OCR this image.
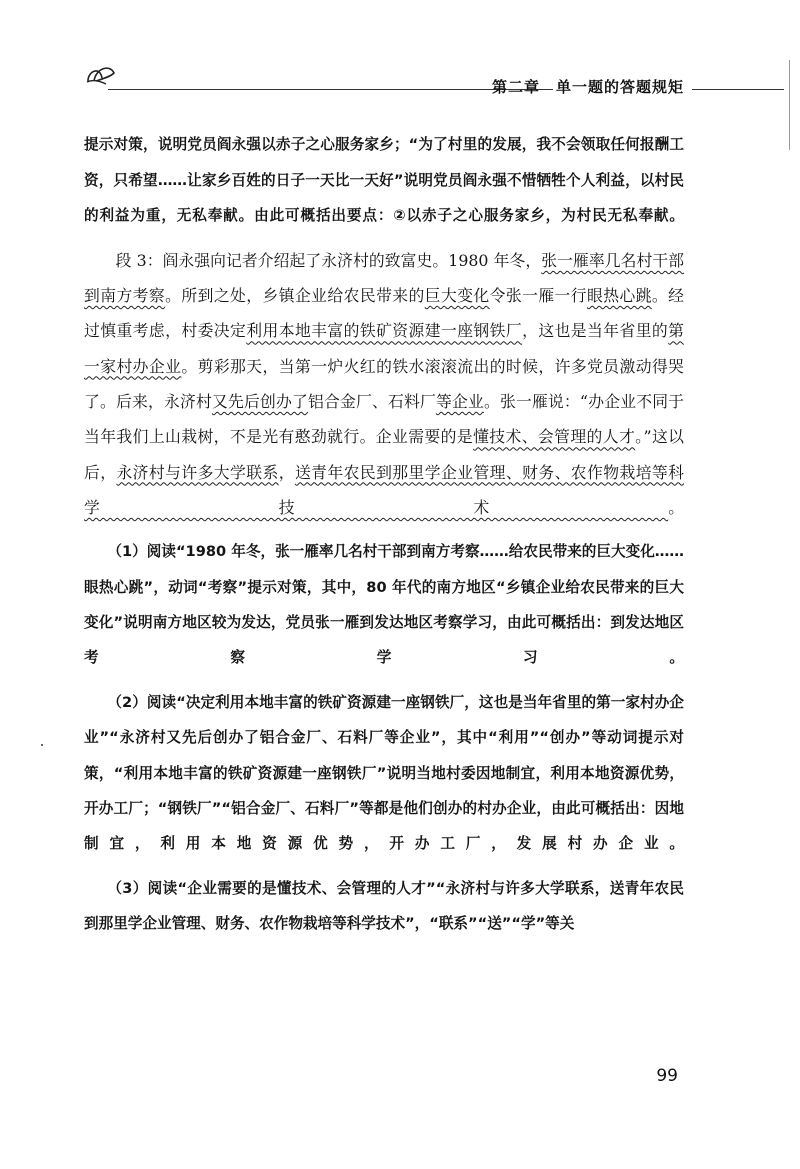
第二章　单一题的答题规矩

提示对策，说明党员阎永强以赤子之心服务家乡；“为了村里的发展，我不会领取任何报酬工资，只希望……让家乡百姓的日子一天比一天好”说明党员阎永强不惜牺牲个人利益，以村民的利益为重，无私奉献。由此可概括出要点：②以赤子之心服务家乡，为村民无私奉献。

段 3：阎永强向记者介绍起了永济村的致富史。1980 年冬，张一雁率几名村干部到南方考察。所到之处，乡镇企业给农民带来的巨大变化令张一雁一行眼热心跳。经过慎重考虑，村委决定利用本地丰富的铁矿资源建一座钢铁厂，这也是当年省里的第一家村办企业。剪彩那天，当第一炉火红的铁水滚滚流出的时候，许多党员激动得哭了。后来，永济村又先后创办了铝合金厂、石料厂等企业。张一雁说：“办企业不同于当年我们上山栽树，不是光有憨劲就行。企业需要的是懂技术、会管理的人才。”这以后，永济村与许多大学联系，送青年农民到那里学企业管理、财务、农作物栽培等科学技术。

（1）阅读“1980 年冬，张一雁率几名村干部到南方考察……给农民带来的巨大变化……眼热心跳”，动词“考察”提示对策，其中，80 年代的南方地区“乡镇企业给农民带来的巨大变化”说明南方地区较为发达，党员张一雁到发达地区考察学习，由此可概括出：到发达地区考察学习。

（2）阅读“决定利用本地丰富的铁矿资源建一座钢铁厂，这也是当年省里的第一家村办企业”“永济村又先后创办了铝合金厂、石料厂等企业”，其中“利用”“创办”等动词提示对策，“利用本地丰富的铁矿资源建一座钢铁厂”说明当地村委因地制宜，利用本地资源优势，开办工厂；“钢铁厂”“铝合金厂、石料厂”等都是他们创办的村办企业，由此可概括出：因地制宜，利用本地资源优势，开办工厂，发展村办企业。

（3）阅读“企业需要的是懂技术、会管理的人才”“永济村与许多大学联系，送青年农民到那里学企业管理、财务、农作物栽培等科学技术”，“联系”“送”“学”等关

99
